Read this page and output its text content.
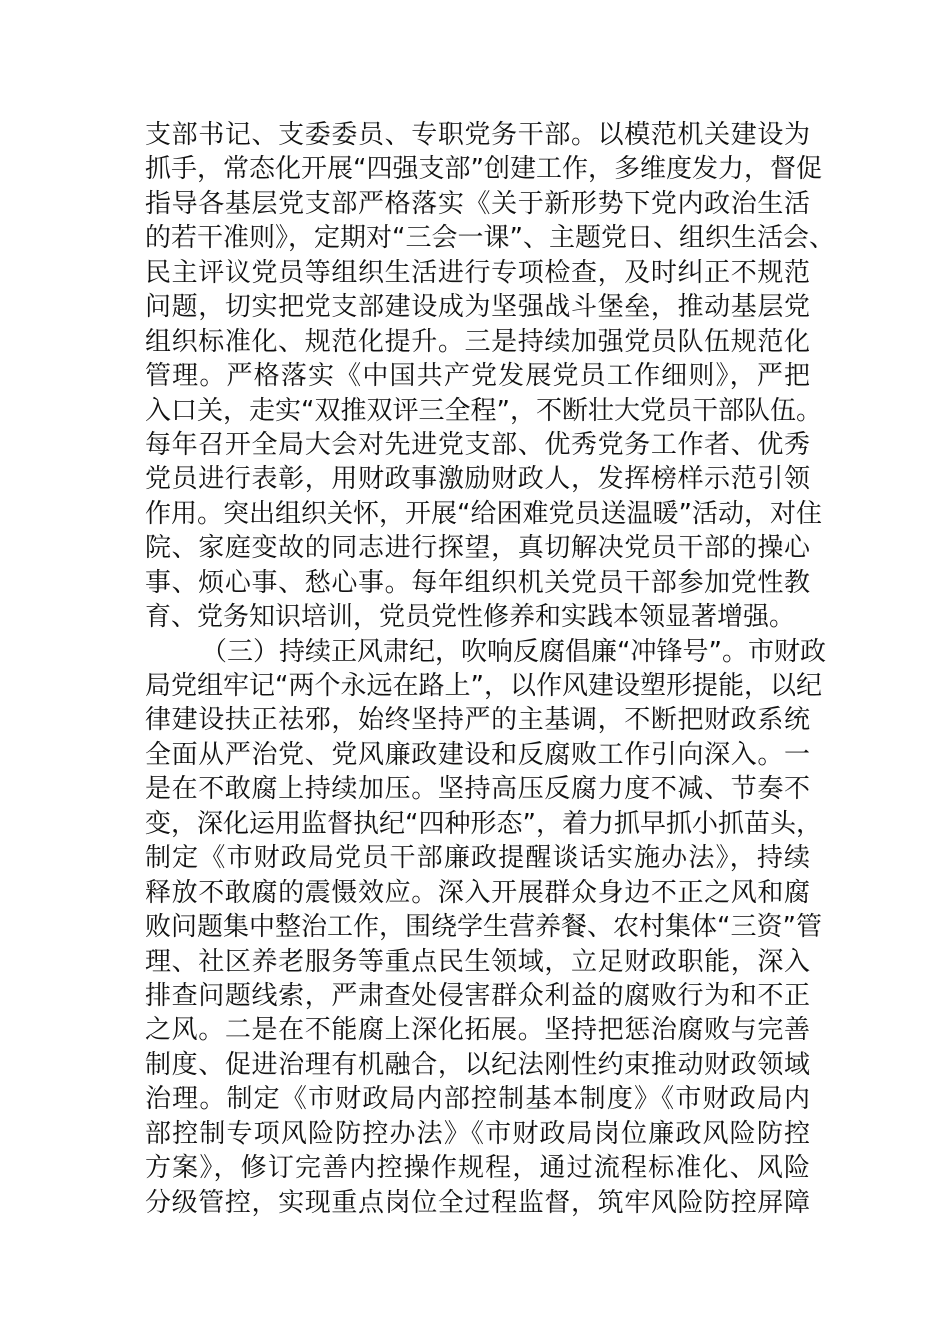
支部书记、支委委员、专职党务干部。以模范机关建设为
抓手，常态化开展“四强支部”创建工作，多维度发力，督促
指导各基层党支部严格落实《关于新形势下党内政治生活
的若干准则》，定期对“三会一课”、主题党日、组织生活会、
民主评议党员等组织生活进行专项检查，及时纠正不规范
问题，切实把党支部建设成为坚强战斗堡垒，推动基层党
组织标准化、规范化提升。三是持续加强党员队伍规范化
管理。严格落实《中国共产党发展党员工作细则》，严把
入口关，走实“双推双评三全程”，不断壮大党员干部队伍。
每年召开全局大会对先进党支部、优秀党务工作者、优秀
党员进行表彰，用财政事激励财政人，发挥榜样示范引领
作用。突出组织关怀，开展“给困难党员送温暖”活动，对住
院、家庭变故的同志进行探望，真切解决党员干部的操心
事、烦心事、愁心事。每年组织机关党员干部参加党性教
育、党务知识培训，党员党性修养和实践本领显著增强。
（三）持续正风肃纪，吹响反腐倡廉“冲锋号”。市财政
局党组牢记“两个永远在路上”，以作风建设塑形提能，以纪
律建设扶正祛邪，始终坚持严的主基调，不断把财政系统
全面从严治党、党风廉政建设和反腐败工作引向深入。一
是在不敢腐上持续加压。坚持高压反腐力度不减、节奏不
变，深化运用监督执纪“四种形态”，着力抓早抓小抓苗头，
制定《市财政局党员干部廉政提醒谈话实施办法》，持续
释放不敢腐的震慑效应。深入开展群众身边不正之风和腐
败问题集中整治工作，围绕学生营养餐、农村集体“三资”管
理、社区养老服务等重点民生领域，立足财政职能，深入
排查问题线索，严肃查处侵害群众利益的腐败行为和不正
之风。二是在不能腐上深化拓展。坚持把惩治腐败与完善
制度、促进治理有机融合，以纪法刚性约束推动财政领域
治理。制定《市财政局内部控制基本制度》《市财政局内
部控制专项风险防控办法》《市财政局岗位廉政风险防控
方案》，修订完善内控操作规程，通过流程标准化、风险
分级管控，实现重点岗位全过程监督，筑牢风险防控屏障
